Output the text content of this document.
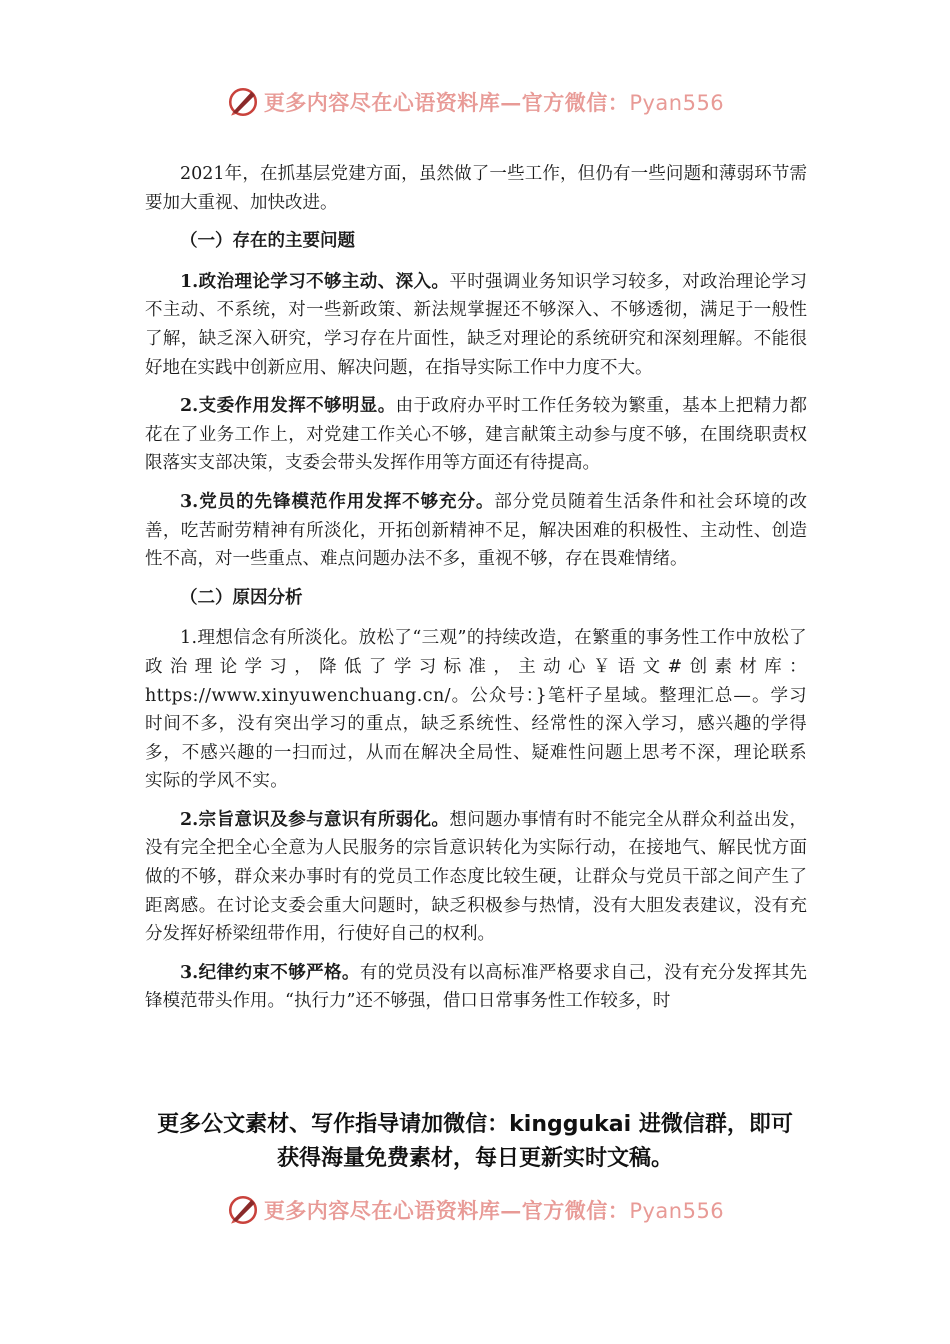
更多内容尽在心语资料库—官方微信：Pyan556

2021年，在抓基层党建方面，虽然做了一些工作，但仍有一些问题和薄弱环节需要加大重视、加快改进。

（一）存在的主要问题

1.政治理论学习不够主动、深入。平时强调业务知识学习较多，对政治理论学习不主动、不系统，对一些新政策、新法规掌握还不够深入、不够透彻，满足于一般性了解，缺乏深入研究，学习存在片面性，缺乏对理论的系统研究和深刻理解。不能很好地在实践中创新应用、解决问题，在指导实际工作中力度不大。

2.支委作用发挥不够明显。由于政府办平时工作任务较为繁重，基本上把精力都花在了业务工作上，对党建工作关心不够，建言献策主动参与度不够，在围绕职责权限落实支部决策，支委会带头发挥作用等方面还有待提高。

3.党员的先锋模范作用发挥不够充分。部分党员随着生活条件和社会环境的改善，吃苦耐劳精神有所淡化，开拓创新精神不足，解决困难的积极性、主动性、创造性不高，对一些重点、难点问题办法不多，重视不够，存在畏难情绪。

（二）原因分析

1.理想信念有所淡化。放松了“三观”的持续改造，在繁重的事务性工作中放松了政治理论学习，降低了学习标准，主动心￥语文#创素材库：https://www.xinyuwenchuang.cn/。公众号：}笔杆子星域。整理汇总—。学习时间不多，没有突出学习的重点，缺乏系统性、经常性的深入学习，感兴趣的学得多，不感兴趣的一扫而过，从而在解决全局性、疑难性问题上思考不深，理论联系实际的学风不实。

2.宗旨意识及参与意识有所弱化。想问题办事情有时不能完全从群众利益出发，没有完全把全心全意为人民服务的宗旨意识转化为实际行动，在接地气、解民忧方面做的不够，群众来办事时有的党员工作态度比较生硬，让群众与党员干部之间产生了距离感。在讨论支委会重大问题时，缺乏积极参与热情，没有大胆发表建议，没有充分发挥好桥梁纽带作用，行使好自己的权利。

3.纪律约束不够严格。有的党员没有以高标准严格要求自己，没有充分发挥其先锋模范带头作用。“执行力”还不够强，借口日常事务性工作较多，时

更多公文素材、写作指导请加微信：kinggukai 进微信群，即可
获得海量免费素材，每日更新实时文稿。
更多内容尽在心语资料库—官方微信：Pyan556
